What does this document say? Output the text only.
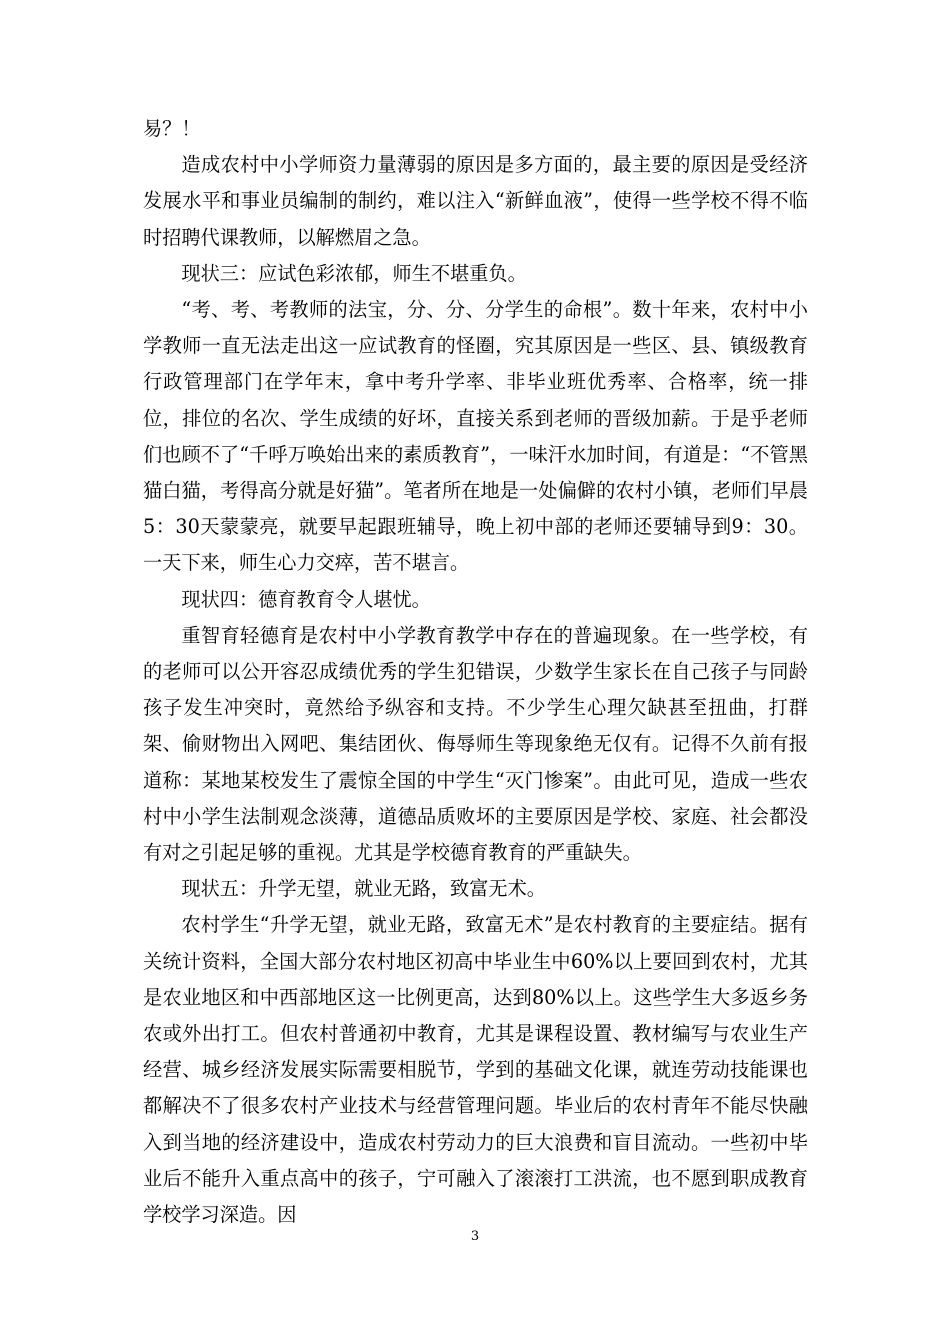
易？！

造成农村中小学师资力量薄弱的原因是多方面的，最主要的原因是受经济发展水平和事业员编制的制约，难以注入“新鲜血液”，使得一些学校不得不临时招聘代课教师，以解燃眉之急。

现状三：应试色彩浓郁，师生不堪重负。

“考、考、考教师的法宝，分、分、分学生的命根”。数十年来，农村中小学教师一直无法走出这一应试教育的怪圈，究其原因是一些区、县、镇级教育行政管理部门在学年末，拿中考升学率、非毕业班优秀率、合格率，统一排位，排位的名次、学生成绩的好坏，直接关系到老师的晋级加薪。于是乎老师们也顾不了“千呼万唤始出来的素质教育”，一味汗水加时间，有道是：“不管黑猫白猫，考得高分就是好猫”。笔者所在地是一处偏僻的农村小镇，老师们早晨5：30天蒙蒙亮，就要早起跟班辅导，晚上初中部的老师还要辅导到9：30。一天下来，师生心力交瘁，苦不堪言。

现状四：德育教育令人堪忧。

重智育轻德育是农村中小学教育教学中存在的普遍现象。在一些学校，有的老师可以公开容忍成绩优秀的学生犯错误，少数学生家长在自己孩子与同龄孩子发生冲突时，竟然给予纵容和支持。不少学生心理欠缺甚至扭曲，打群架、偷财物出入网吧、集结团伙、侮辱师生等现象绝无仅有。记得不久前有报道称：某地某校发生了震惊全国的中学生“灭门惨案”。由此可见，造成一些农村中小学生法制观念淡薄，道德品质败坏的主要原因是学校、家庭、社会都没有对之引起足够的重视。尤其是学校德育教育的严重缺失。

现状五：升学无望，就业无路，致富无术。

农村学生“升学无望，就业无路，致富无术”是农村教育的主要症结。据有关统计资料，全国大部分农村地区初高中毕业生中60%以上要回到农村，尤其是农业地区和中西部地区这一比例更高，达到80%以上。这些学生大多返乡务农或外出打工。但农村普通初中教育，尤其是课程设置、教材编写与农业生产经营、城乡经济发展实际需要相脱节，学到的基础文化课，就连劳动技能课也都解决不了很多农村产业技术与经营管理问题。毕业后的农村青年不能尽快融入到当地的经济建设中，造成农村劳动力的巨大浪费和盲目流动。一些初中毕业后不能升入重点高中的孩子，宁可融入了滚滚打工洪流，也不愿到职成教育学校学习深造。因

3
